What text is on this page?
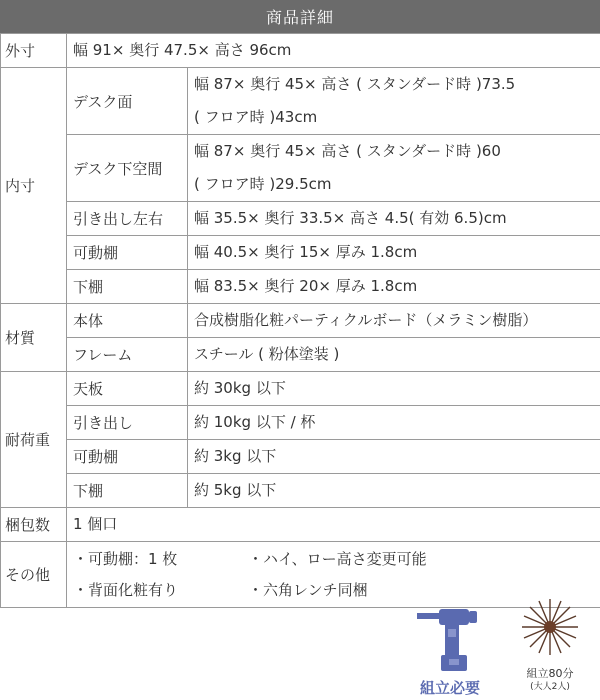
商品詳細
外寸	幅 91× 奥行 47.5× 高さ 96cm	
内寸	デスク面	幅 87× 奥行 45× 高さ ( スタンダード時 )73.5
( フロア時 )43cm

	デスク下空間	幅 87× 奥行 45× 高さ ( スタンダード時 )60
( フロア時 )29.5cm

	引き出し左右	幅 35.5× 奥行 33.5× 高さ 4.5( 有効 6.5)cm
	可動棚	幅 40.5× 奥行 15× 厚み 1.8cm
	下棚	幅 83.5× 奥行 20× 厚み 1.8cm
材質	本体	合成樹脂化粧パーティクルボード（メラミン樹脂）
	フレーム	スチール ( 粉体塗装 )
耐荷重	天板	約 30kg 以下
	引き出し	約 10kg 以下 / 杯
	可動棚	約 3kg 以下
	下棚	約 5kg 以下
梱包数	1 個口	
その他	・可動棚：1 枚 ・ハイ、ロー高さ変更可能
・背面化粧有り ・六角レンチ同梱	
組立必要
組立80分
(大人2人)
